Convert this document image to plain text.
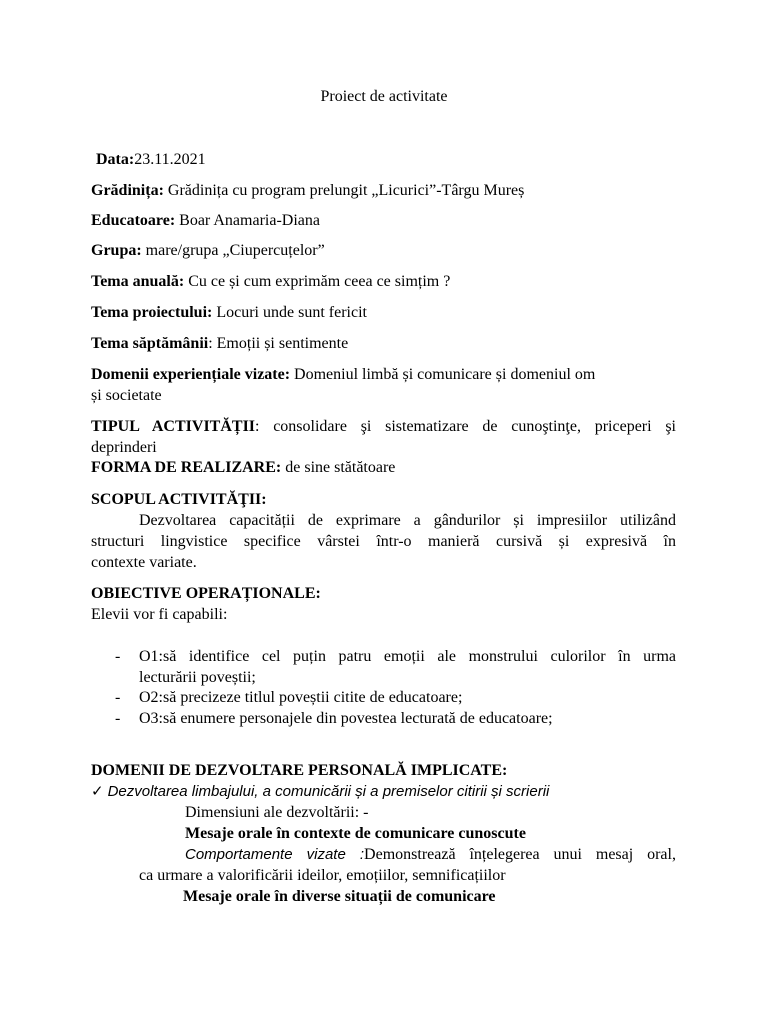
Proiect de activitate
Data:23.11.2021
Grădinița: Grădinița cu program prelungit „Licurici”-Târgu Mureș
Educatoare: Boar Anamaria-Diana
Grupa: mare/grupa „Ciupercuțelor”
Tema anuală: Cu ce și cum exprimăm ceea ce simțim ?
Tema proiectului: Locuri unde sunt fericit
Tema săptămânii: Emoții și sentimente
Domenii experiențiale vizate: Domeniul limbă și comunicare și domeniul om
și societate
TIPUL ACTIVITĂȚII: consolidare şi sistematizare de cunoştinţe, priceperi şi
deprinderi
FORMA DE REALIZARE: de sine stătătoare
SCOPUL ACTIVITĂŢII:
Dezvoltarea capacității de exprimare a gândurilor și impresiilor utilizând
structuri lingvistice specifice vârstei într-o manieră cursivă și expresivă în
contexte variate.
OBIECTIVE OPERAȚIONALE:
Elevii vor fi capabili:
-	O1:să identifice cel puțin patru emoții ale monstrului culorilor în urma
lecturării poveștii;
-	O2:să precizeze titlul poveștii citite de educatoare;
-	O3:să enumere personajele din povestea lecturată de educatoare;
DOMENII DE DEZVOLTARE PERSONALĂ IMPLICATE:
✓ Dezvoltarea limbajului, a comunicării și a premiselor citirii și scrierii
Dimensiuni ale dezvoltării: -
Mesaje orale în contexte de comunicare cunoscute
Comportamente vizate :Demonstrează înțelegerea unui mesaj oral,
ca urmare a valorificării ideilor, emoțiilor, semnificațiilor
Mesaje orale în diverse situații de comunicare
